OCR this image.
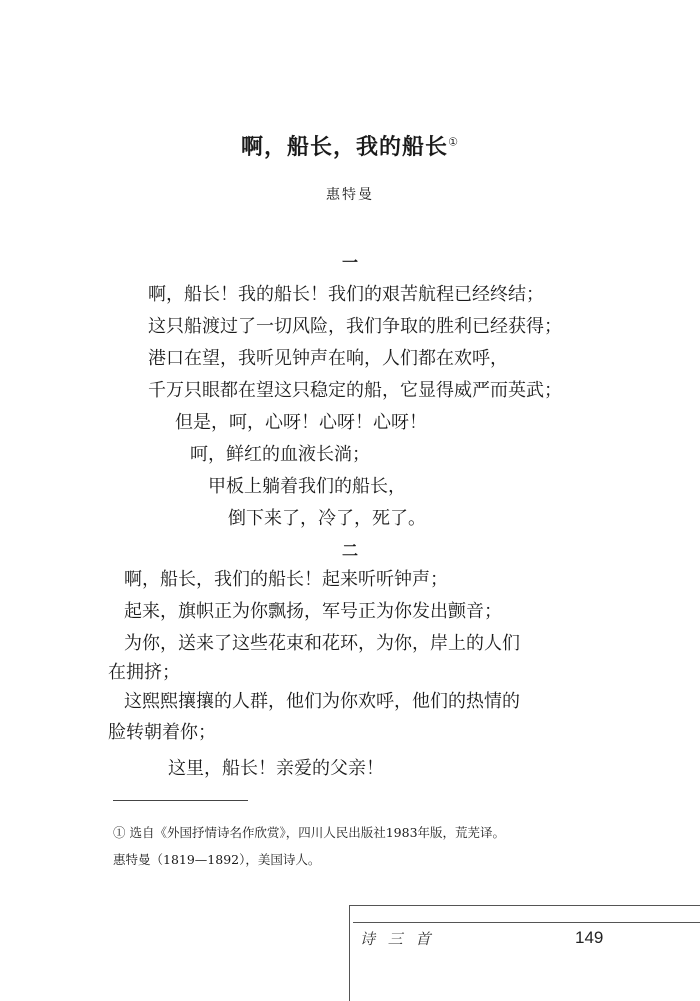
啊，船长，我的船长①
惠特曼
一
啊，船长！我的船长！我们的艰苦航程已经终结；
这只船渡过了一切风险，我们争取的胜利已经获得；
港口在望，我听见钟声在响，人们都在欢呼，
千万只眼都在望这只稳定的船，它显得威严而英武；
但是，呵，心呀！心呀！心呀！
呵，鲜红的血液长淌；
甲板上躺着我们的船长，
倒下来了，冷了，死了。
二
啊，船长，我们的船长！起来听听钟声；
起来，旗帜正为你飘扬，军号正为你发出颤音；
为你，送来了这些花束和花环，为你，岸上的人们
在拥挤；
这熙熙攘攘的人群，他们为你欢呼，他们的热情的
脸转朝着你；
这里，船长！亲爱的父亲！
① 选自《外国抒情诗名作欣赏》，四川人民出版社1983年版，荒芜译。
惠特曼（1819—1892），美国诗人。
诗 三 首	149
